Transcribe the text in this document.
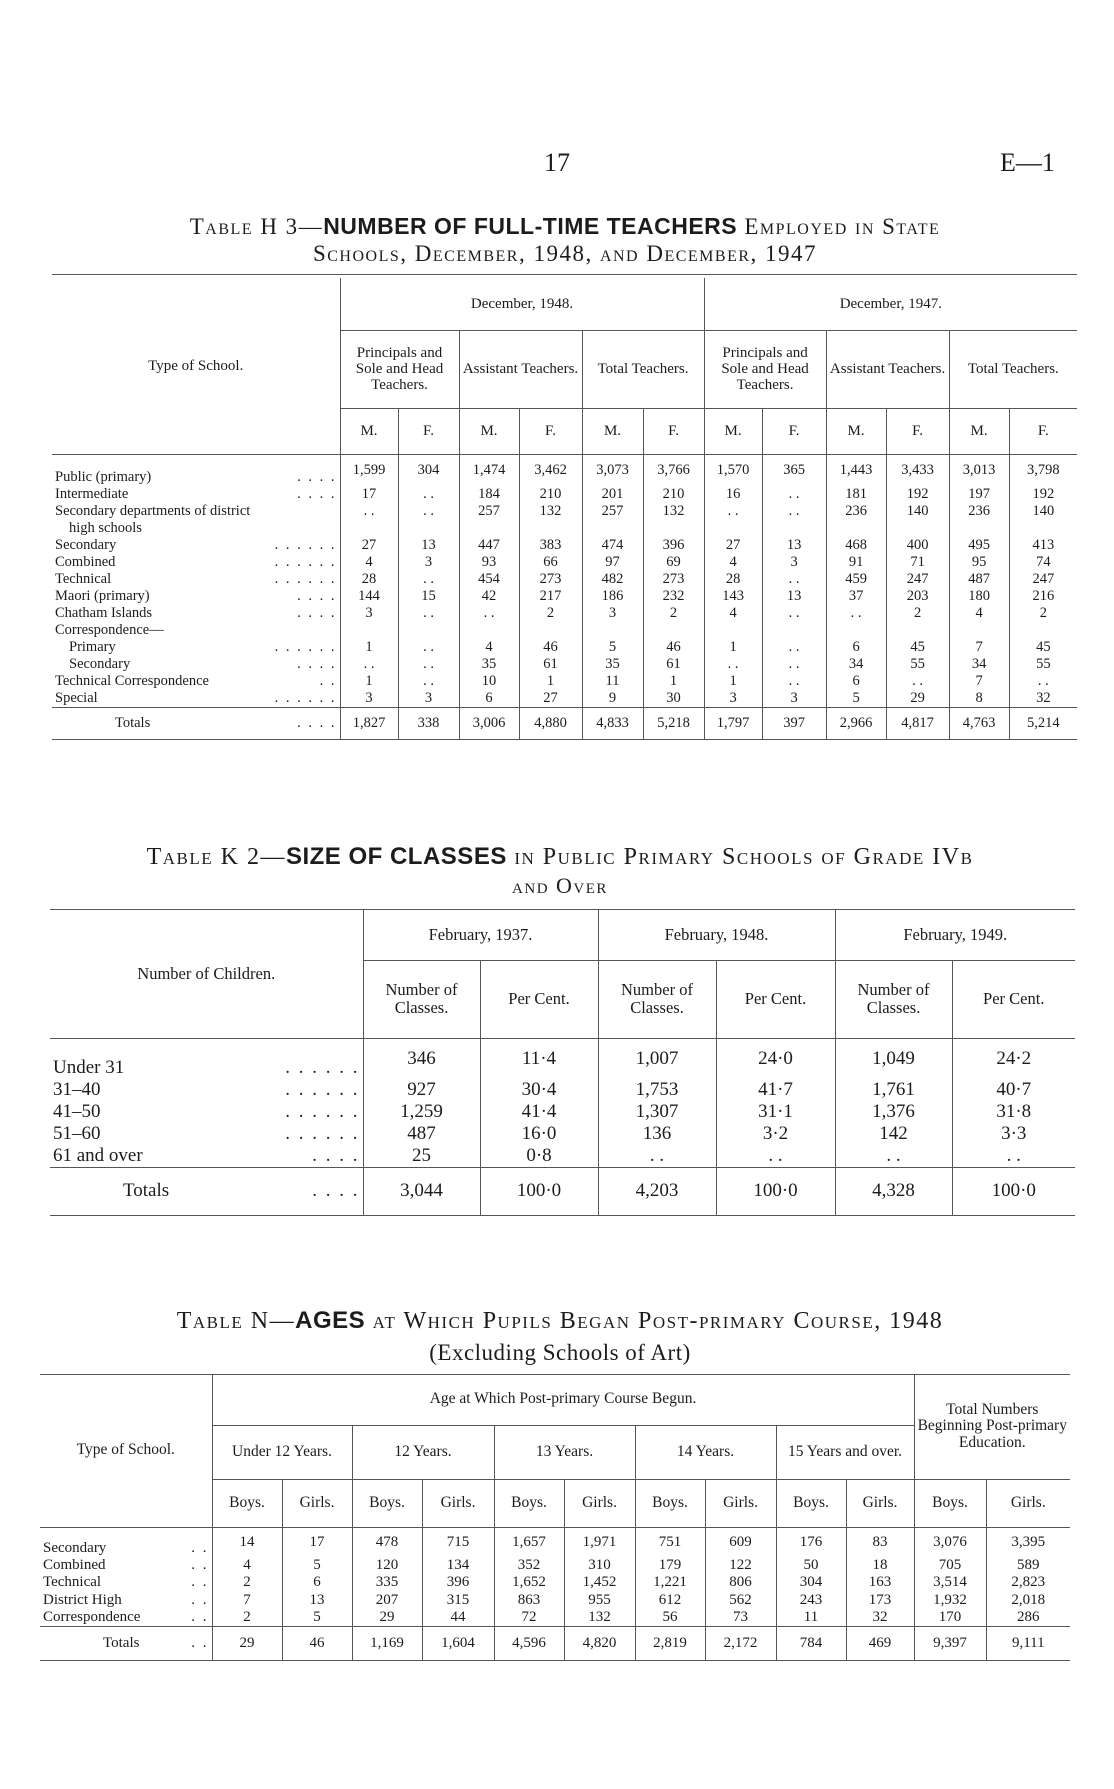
17	E—1
Table H 3—NUMBER OF FULL-TIME TEACHERS Employed in State
Schools, December, 1948, and December, 1947
Type of School.	December, 1948.						December, 1947.					
	Principals and Sole and Head Teachers.		Assistant Teachers.		Total Teachers.		Principals and Sole and Head Teachers.		Assistant Teachers.		Total Teachers.	
	M.	F.	M.	F.	M.	F.	M.	F.	M.	F.	M.	F.
Public (primary) . . . .	1,599	304	1,474	3,462	3,073	3,766	1,570	365	1,443	3,433	3,013	3,798
Intermediate . . . .	17	. .	184	210	201	210	16	. .	181	192	197	192
Secondary departments of district	. .	. .	257	132	257	132	. .	. .	236	140	236	140
high schools												
Secondary . . . . . .	27	13	447	383	474	396	27	13	468	400	495	413
Combined . . . . . .	4	3	93	66	97	69	4	3	91	71	95	74
Technical . . . . . .	28	. .	454	273	482	273	28	. .	459	247	487	247
Maori (primary) . . . .	144	15	42	217	186	232	143	13	37	203	180	216
Chatham Islands . . . .	3	. .	. .	2	3	2	4	. .	. .	2	4	2
Correspondence—												
Primary . . . . . .	1	. .	4	46	5	46	1	. .	6	45	7	45
Secondary . . . .	. .	. .	35	61	35	61	. .	. .	34	55	34	55
Technical Correspondence . .	1	. .	10	1	11	1	1	. .	6	. .	7	. .
Special . . . . . .	3	3	6	27	9	30	3	3	5	29	8	32
Totals . . . .	1,827	338	3,006	4,880	4,833	5,218	1,797	397	2,966	4,817	4,763	5,214
Table K 2—SIZE OF CLASSES in Public Primary Schools of Grade IVb
and Over
Number of Children.	February, 1937.		February, 1948.		February, 1949.	
	Number of Classes.	Per Cent.	Number of Classes.	Per Cent.	Number of Classes.	Per Cent.
Under 31 . . . . . .	346	11·4	1,007	24·0	1,049	24·2
31–40 . . . . . .	927	30·4	1,753	41·7	1,761	40·7
41–50 . . . . . .	1,259	41·4	1,307	31·1	1,376	31·8
51–60 . . . . . .	487	16·0	136	3·2	142	3·3
61 and over . . . .	25	0·8	. .	. .	. .	. .
Totals . . . .	3,044	100·0	4,203	100·0	4,328	100·0
Table N—AGES at Which Pupils Began Post-primary Course, 1948
(Excluding Schools of Art)
Type of School.	Age at Which Post-primary Course Begun.										Total Numbers Beginning Post-primary Education.	
	Under 12 Years.		12 Years.		13 Years.		14 Years.		15 Years and over.			
	Boys.	Girls.	Boys.	Girls.	Boys.	Girls.	Boys.	Girls.	Boys.	Girls.	Boys.	Girls.
Secondary . .	14	17	478	715	1,657	1,971	751	609	176	83	3,076	3,395
Combined . .	4	5	120	134	352	310	179	122	50	18	705	589
Technical . .	2	6	335	396	1,652	1,452	1,221	806	304	163	3,514	2,823
District High . .	7	13	207	315	863	955	612	562	243	173	1,932	2,018
Correspondence . .	2	5	29	44	72	132	56	73	11	32	170	286
Totals . .	29	46	1,169	1,604	4,596	4,820	2,819	2,172	784	469	9,397	9,111
